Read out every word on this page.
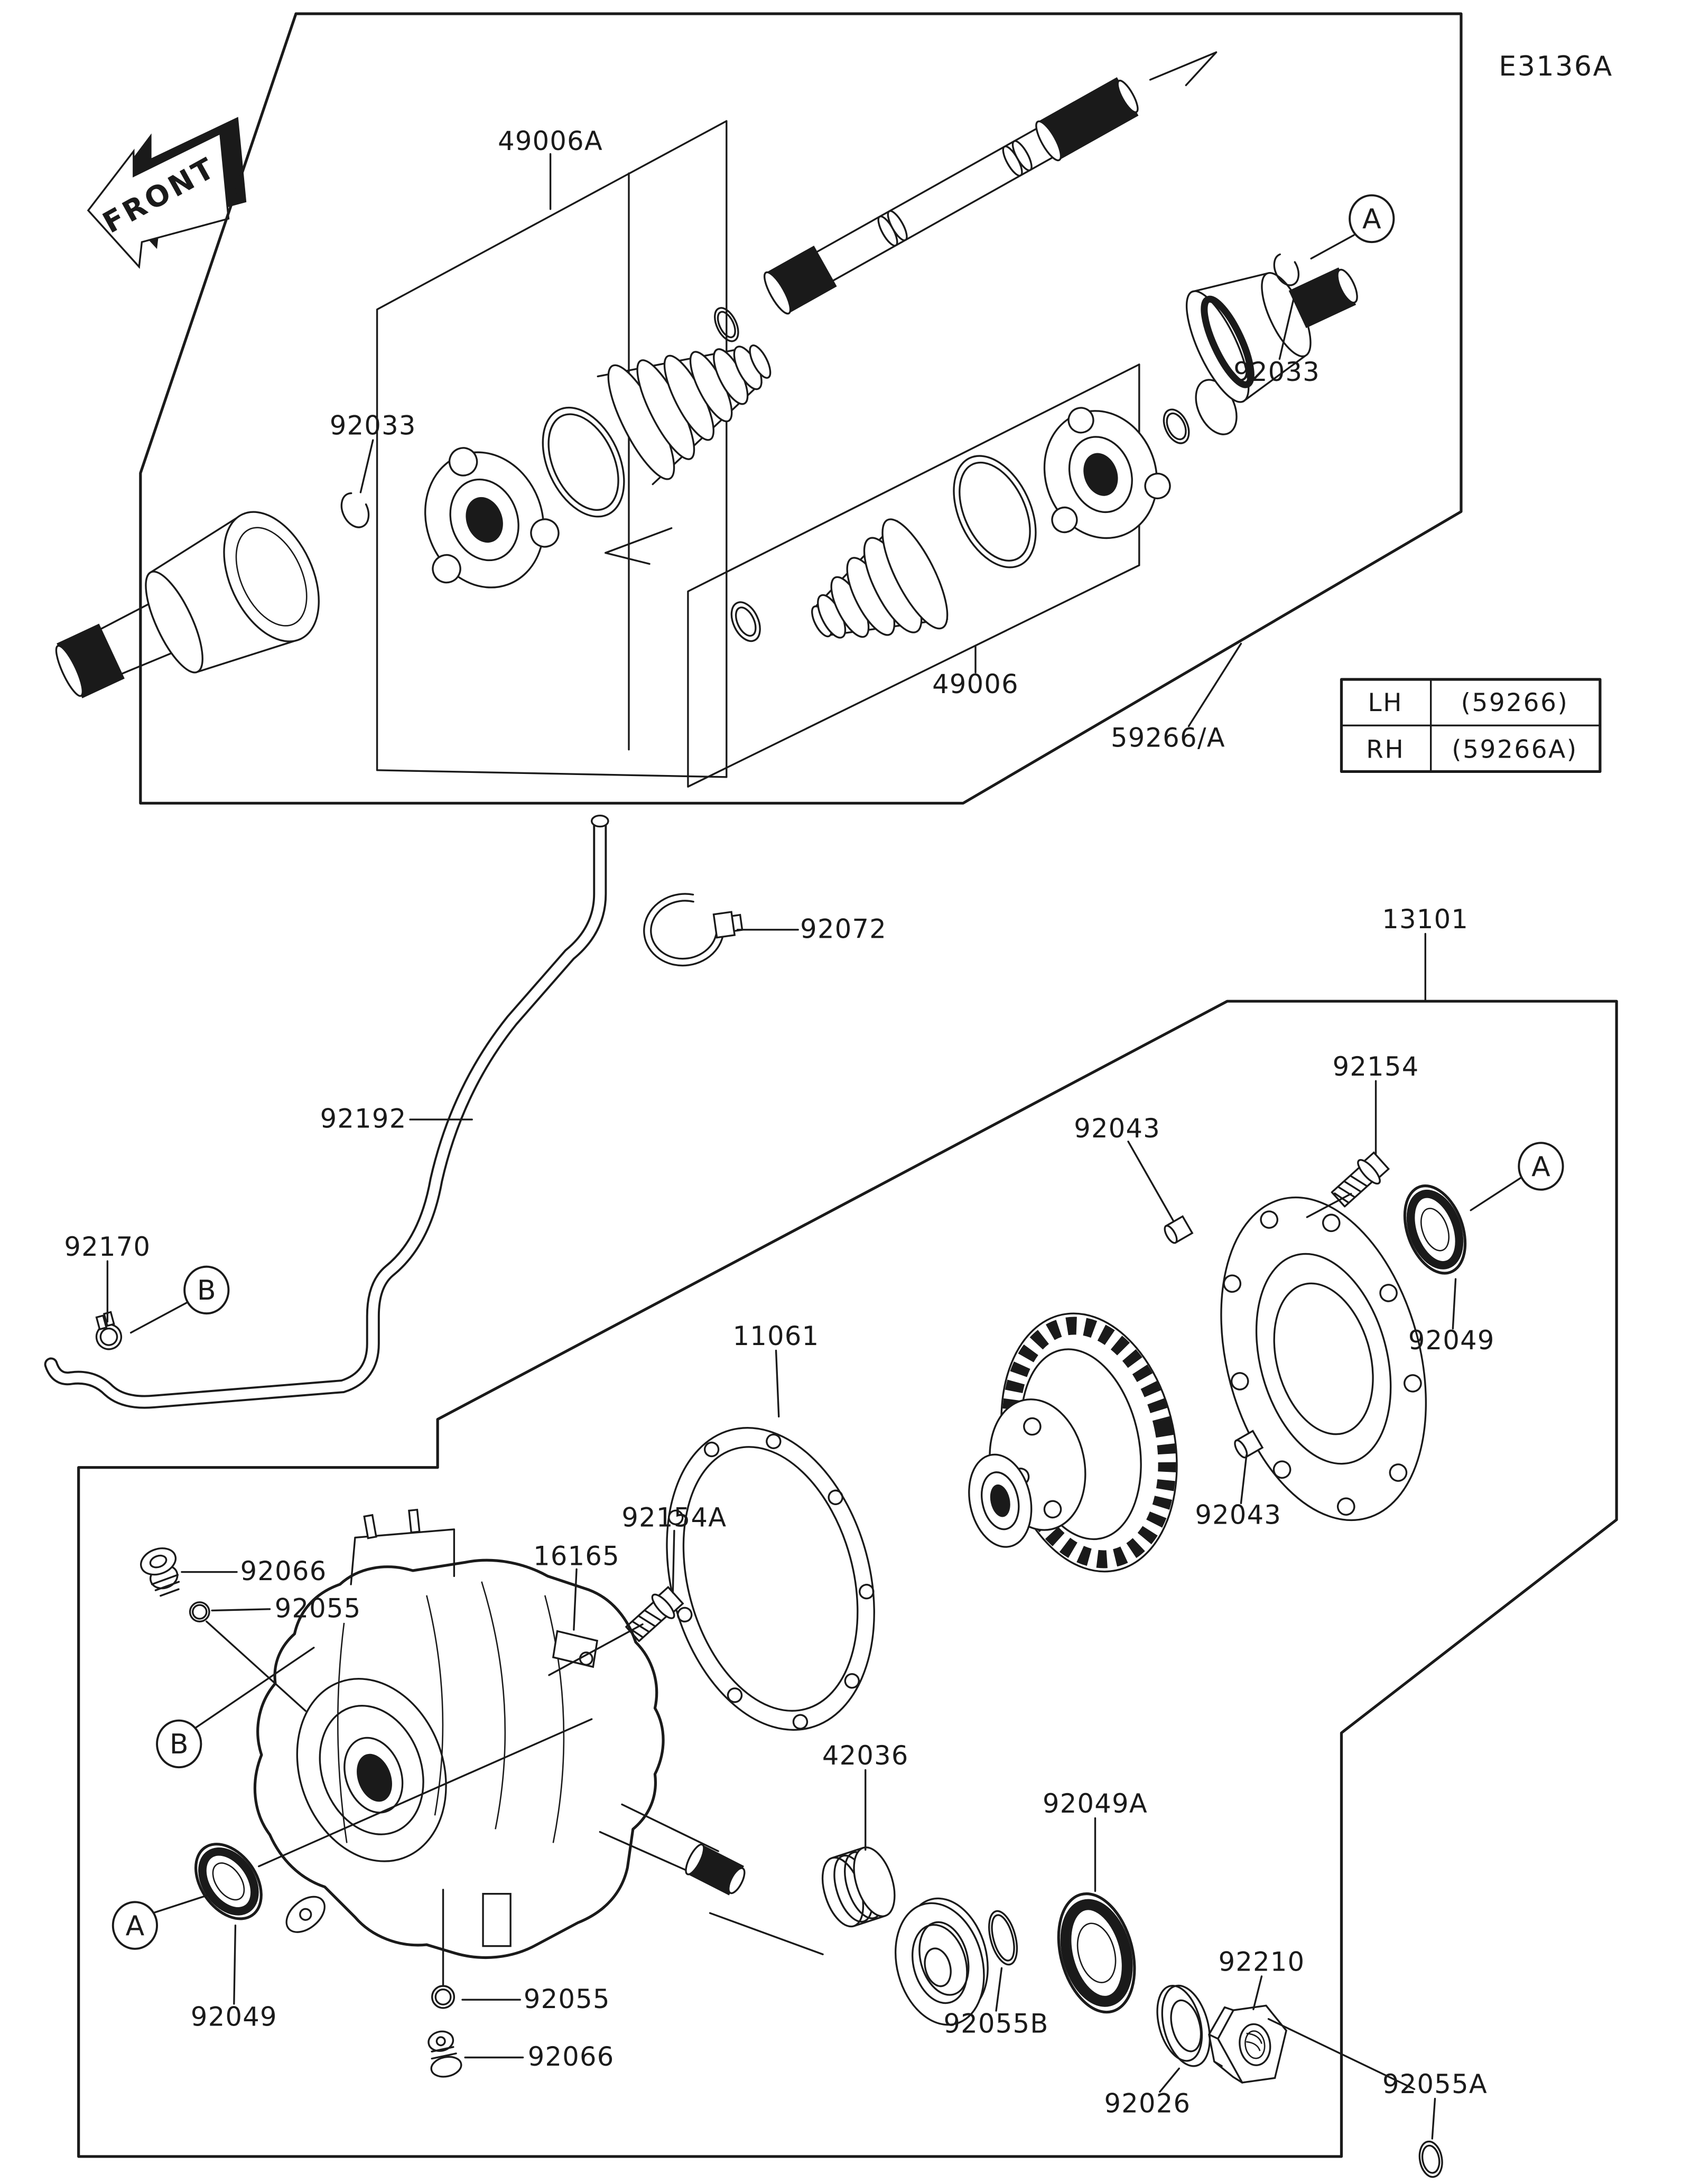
E3136A
FRONT
LH	(59266)
RH	(59266A)
A
A
A
B
B
49006A
92033
92033
49006
59266/A
92072	13101
92154
92043
92049
92192
92170
11061
92043
92066
92055
16165
92154A
42036
92049A
92210
92055B
92026
92055A
92049
92055
92066
